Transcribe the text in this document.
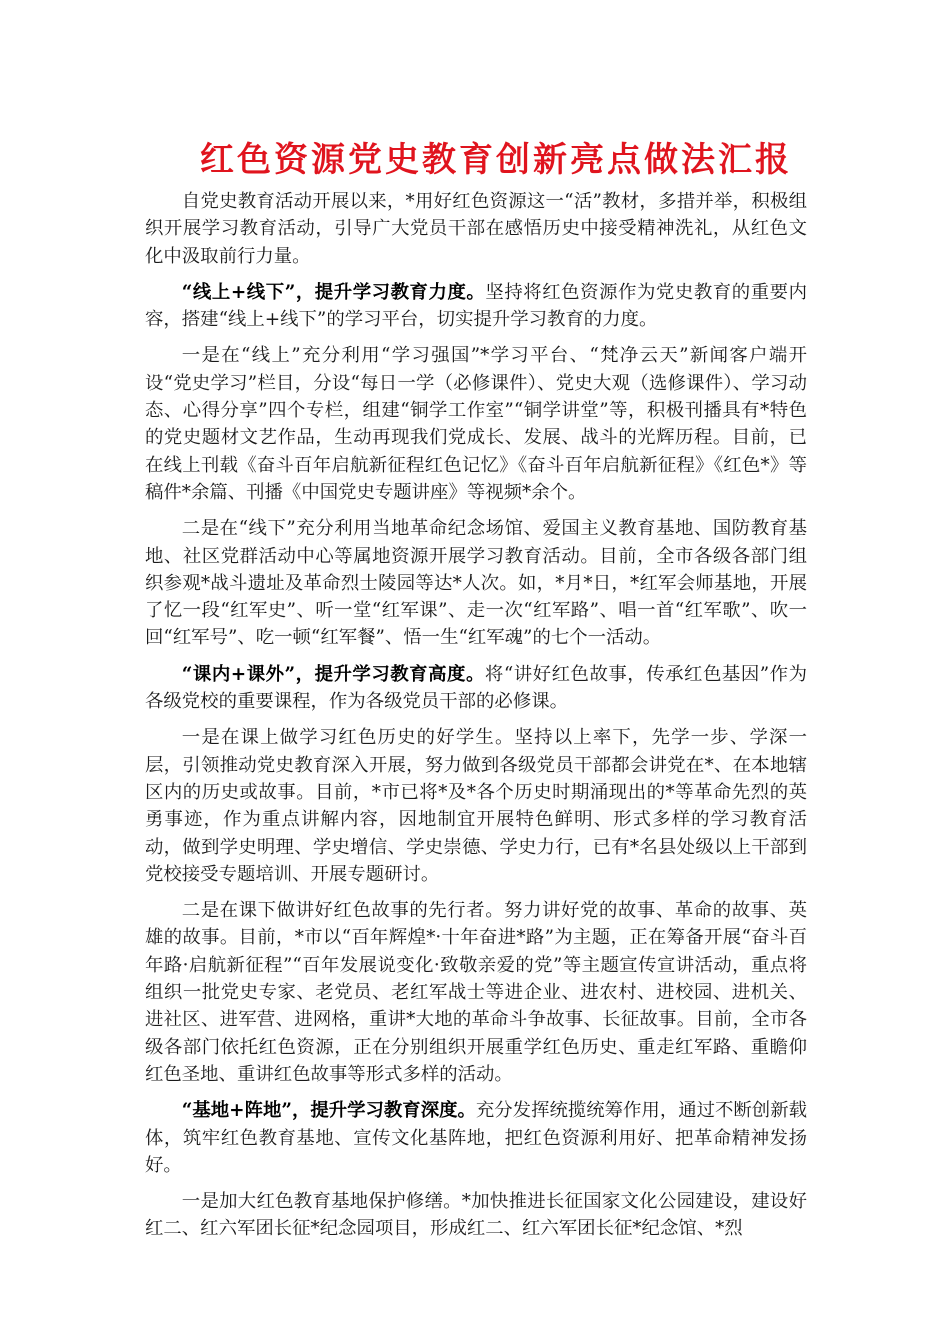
红色资源党史教育创新亮点做法汇报

自党史教育活动开展以来，*用好红色资源这一“活”教材，多措并举，积极组织开展学习教育活动，引导广大党员干部在感悟历史中接受精神洗礼，从红色文化中汲取前行力量。

“线上+线下”，提升学习教育力度。坚持将红色资源作为党史教育的重要内容，搭建“线上+线下”的学习平台，切实提升学习教育的力度。

一是在“线上”充分利用“学习强国”*学习平台、“梵净云天”新闻客户端开设“党史学习”栏目，分设“每日一学（必修课件）、党史大观（选修课件）、学习动态、心得分享”四个专栏，组建“铜学工作室”“铜学讲堂”等，积极刊播具有*特色的党史题材文艺作品，生动再现我们党成长、发展、战斗的光辉历程。目前，已在线上刊载《奋斗百年启航新征程红色记忆》《奋斗百年启航新征程》《红色*》等稿件*余篇、刊播《中国党史专题讲座》等视频*余个。

二是在“线下”充分利用当地革命纪念场馆、爱国主义教育基地、国防教育基地、社区党群活动中心等属地资源开展学习教育活动。目前，全市各级各部门组织参观*战斗遗址及革命烈士陵园等达*人次。如，*月*日，*红军会师基地，开展了忆一段“红军史”、听一堂“红军课”、走一次“红军路”、唱一首“红军歌”、吹一回“红军号”、吃一顿“红军餐”、悟一生“红军魂”的七个一活动。

“课内+课外”，提升学习教育高度。将“讲好红色故事，传承红色基因”作为各级党校的重要课程，作为各级党员干部的必修课。

一是在课上做学习红色历史的好学生。坚持以上率下，先学一步、学深一层，引领推动党史教育深入开展，努力做到各级党员干部都会讲党在*、在本地辖区内的历史或故事。目前，*市已将*及*各个历史时期涌现出的*等革命先烈的英勇事迹，作为重点讲解内容，因地制宜开展特色鲜明、形式多样的学习教育活动，做到学史明理、学史增信、学史崇德、学史力行，已有*名县处级以上干部到党校接受专题培训、开展专题研讨。

二是在课下做讲好红色故事的先行者。努力讲好党的故事、革命的故事、英雄的故事。目前，*市以“百年辉煌*·十年奋进*路”为主题，正在筹备开展“奋斗百年路·启航新征程”“百年发展说变化·致敬亲爱的党”等主题宣传宣讲活动，重点将组织一批党史专家、老党员、老红军战士等进企业、进农村、进校园、进机关、进社区、进军营、进网格，重讲*大地的革命斗争故事、长征故事。目前，全市各级各部门依托红色资源，正在分别组织开展重学红色历史、重走红军路、重瞻仰红色圣地、重讲红色故事等形式多样的活动。

“基地+阵地”，提升学习教育深度。充分发挥统揽统筹作用，通过不断创新载体，筑牢红色教育基地、宣传文化基阵地，把红色资源利用好、把革命精神发扬好。

一是加大红色教育基地保护修缮。*加快推进长征国家文化公园建设，建设好红二、红六军团长征*纪念园项目，形成红二、红六军团长征*纪念馆、*烈
